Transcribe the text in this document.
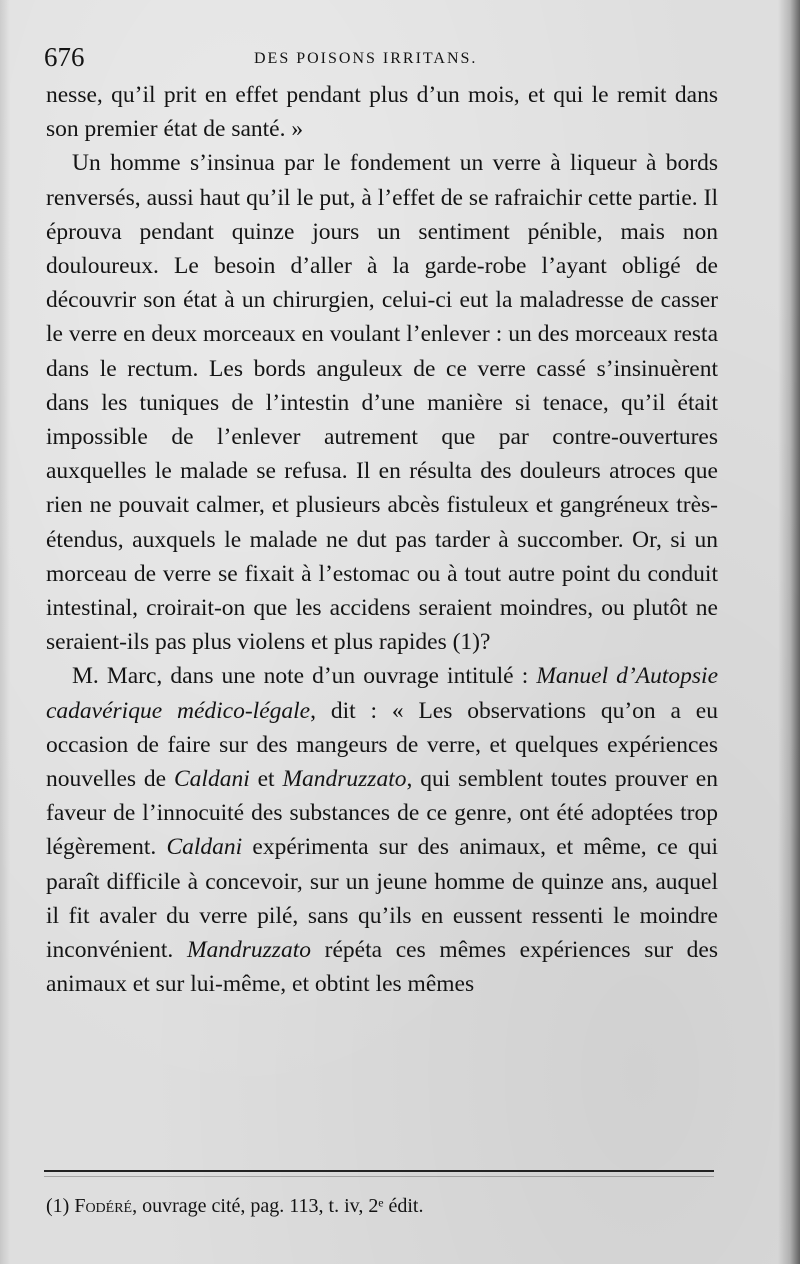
676	DES POISONS IRRITANS.

nesse, qu’il prit en effet pendant plus d’un mois, et qui le remit dans son premier état de santé. »

Un homme s’insinua par le fondement un verre à liqueur à bords renversés, aussi haut qu’il le put, à l’effet de se rafraichir cette partie. Il éprouva pendant quinze jours un sentiment pénible, mais non douloureux. Le besoin d’aller à la garde-robe l’ayant obligé de découvrir son état à un chirurgien, celui-ci eut la maladresse de casser le verre en deux morceaux en voulant l’enlever : un des morceaux resta dans le rectum. Les bords anguleux de ce verre cassé s’insinuèrent dans les tuniques de l’intestin d’une manière si tenace, qu’il était impossible de l’enlever autrement que par contre-ouvertures auxquelles le malade se refusa. Il en résulta des douleurs atroces que rien ne pouvait calmer, et plusieurs abcès fistuleux et gangréneux très-étendus, auxquels le malade ne dut pas tarder à succomber. Or, si un morceau de verre se fixait à l’estomac ou à tout autre point du conduit intestinal, croirait-on que les accidens seraient moindres, ou plutôt ne seraient-ils pas plus violens et plus rapides (1)?

M. Marc, dans une note d’un ouvrage intitulé : Manuel d’Autopsie cadavérique médico-légale, dit : « Les observations qu’on a eu occasion de faire sur des mangeurs de verre, et quelques expériences nouvelles de Caldani et Mandruzzato, qui semblent toutes prouver en faveur de l’innocuité des substances de ce genre, ont été adoptées trop légèrement. Caldani expérimenta sur des animaux, et même, ce qui paraît difficile à concevoir, sur un jeune homme de quinze ans, auquel il fit avaler du verre pilé, sans qu’ils en eussent ressenti le moindre inconvénient. Mandruzzato répéta ces mêmes expériences sur des animaux et sur lui-même, et obtint les mêmes

(1) Fodéré, ouvrage cité, pag. 113, t. iv, 2ᵉ édit.
